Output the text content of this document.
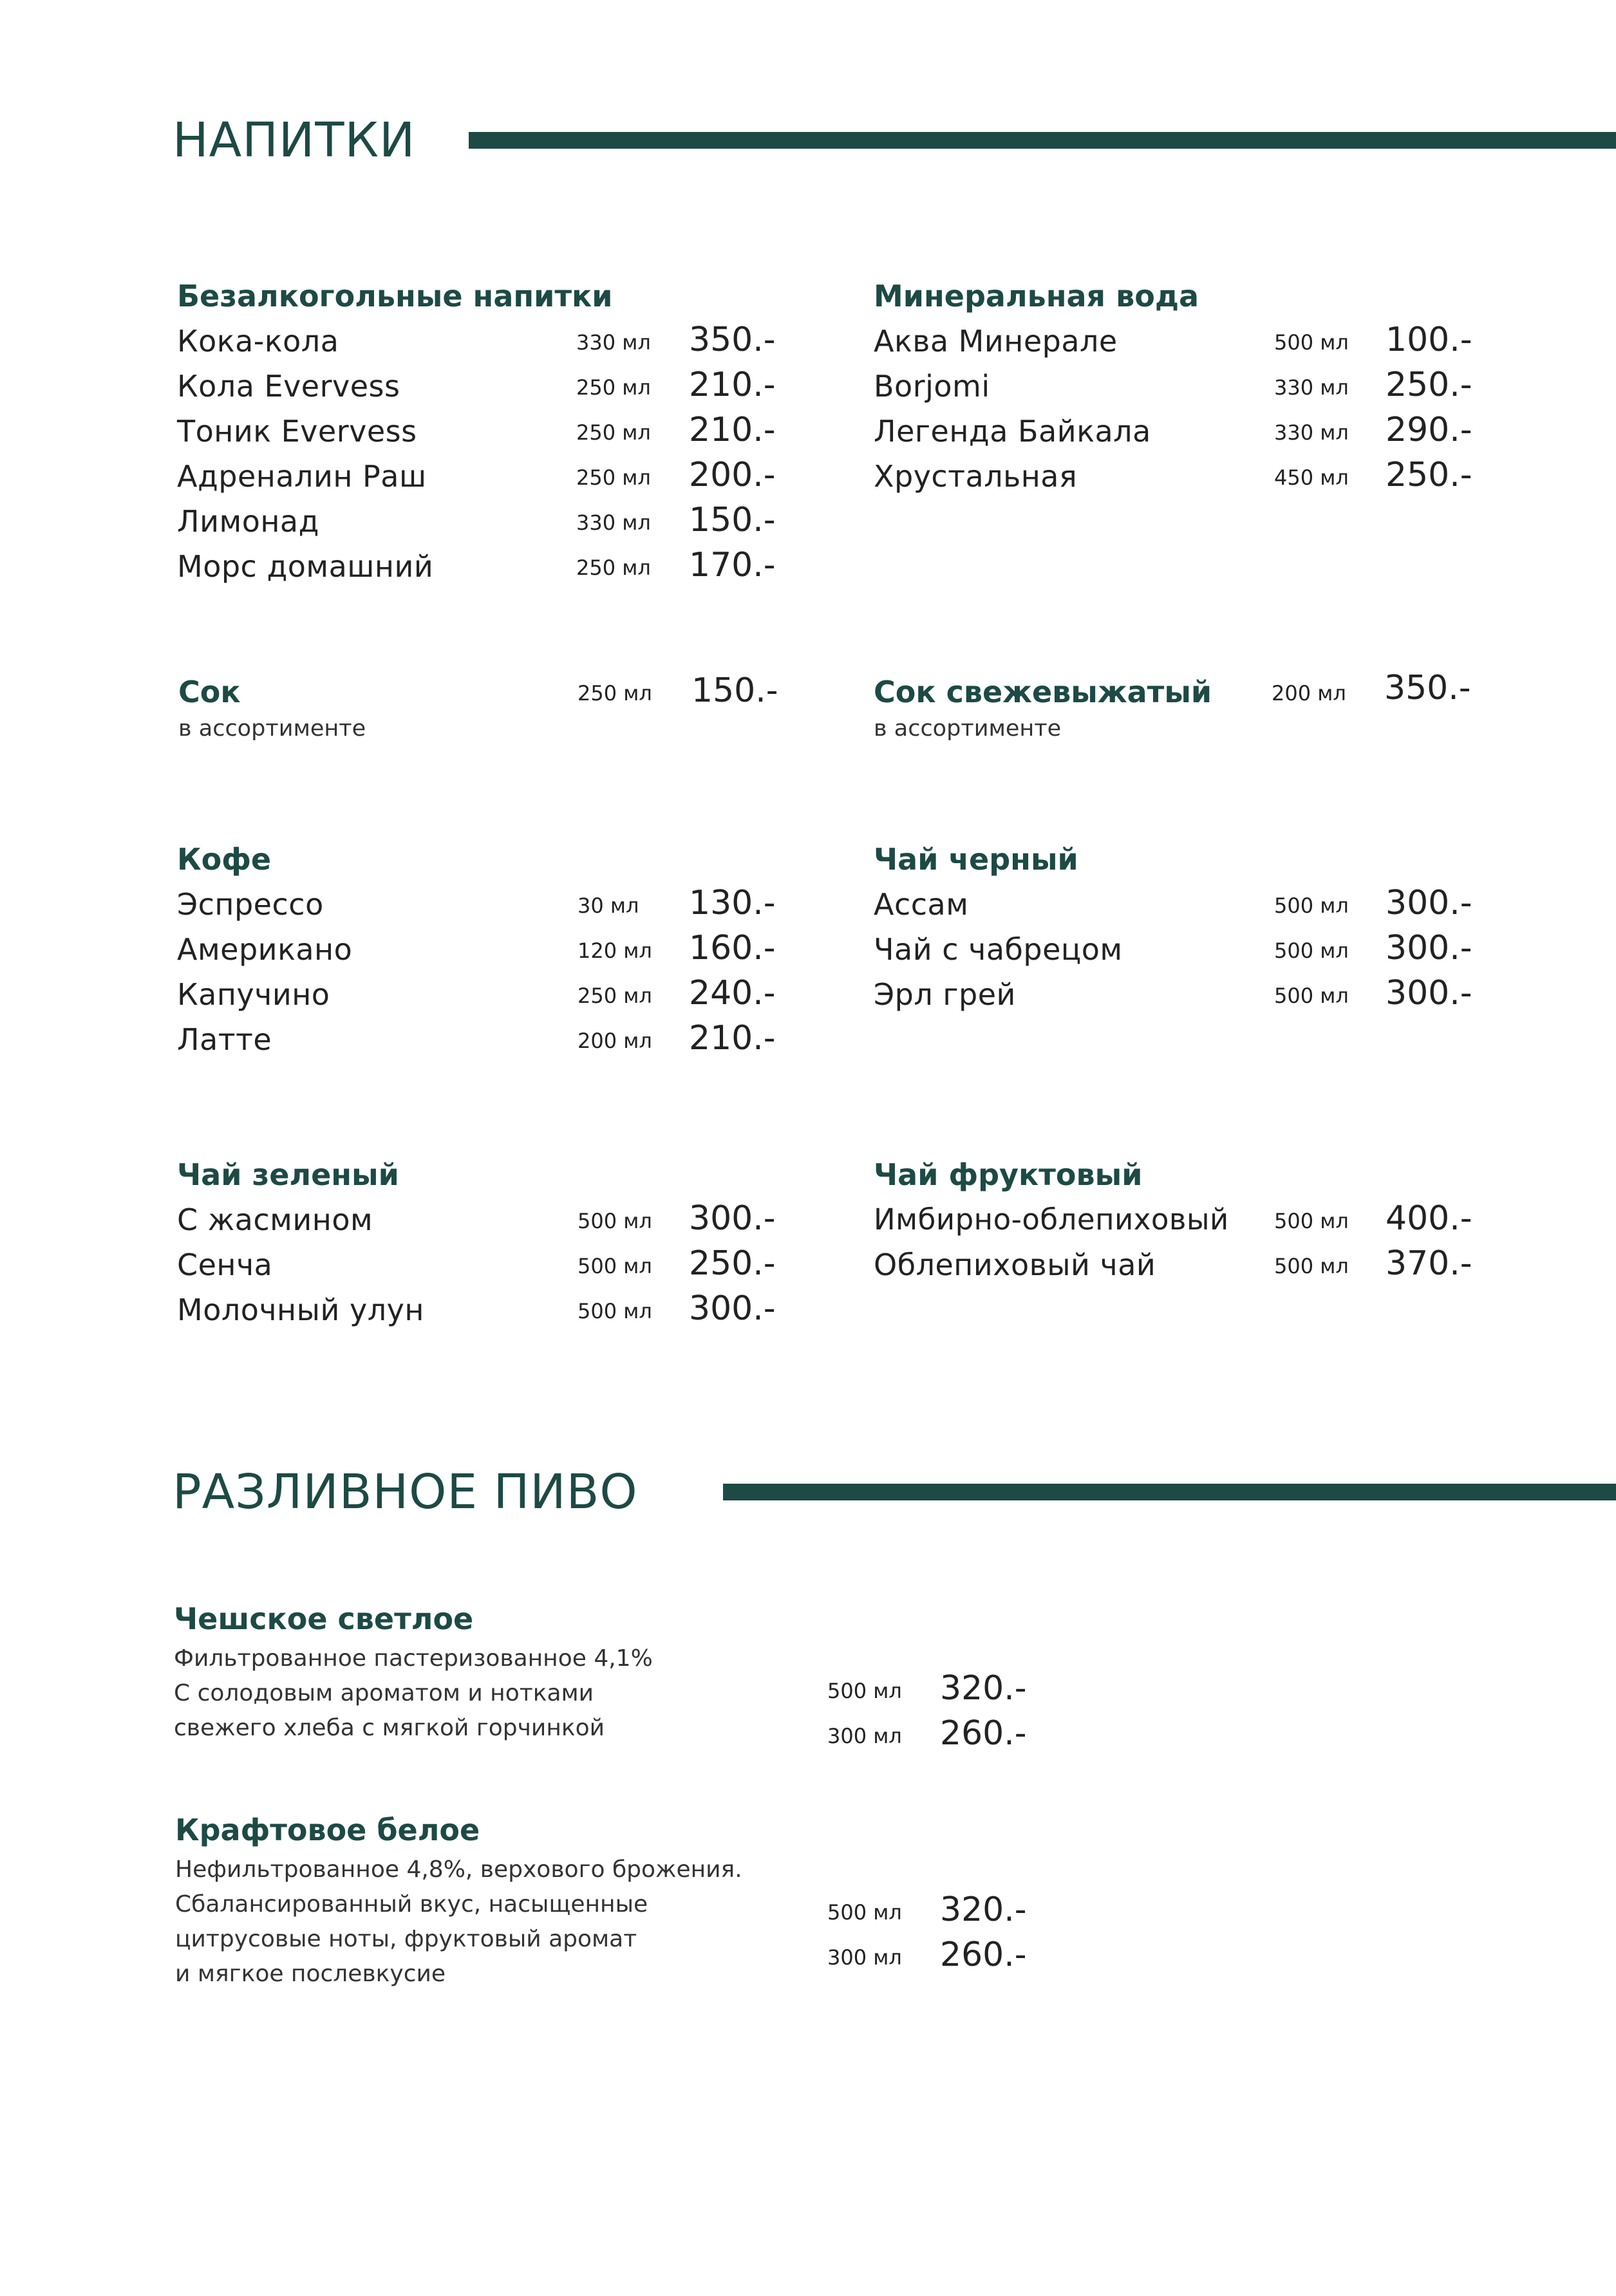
НАПИТКИ
Безалкогольные напитки
Кока-кола	330 мл 350.-
Кола Evervess	250 мл 210.-
Тоник Evervess	250 мл 210.-
Адреналин Раш	250 мл 200.-
Лимонад	330 мл 150.-
Морс домашний	250 мл 170.-
Минеральная вода
Аква Минерале	500 мл 100.-
Borjomi	330 мл 250.-
Легенда Байкала	330 мл 290.-
Хрустальная	450 мл 250.-
Сок	250 мл 150.-
в ассортименте
Сок свежевыжатый	200 мл 350.-
в ассортименте
Кофе
Эспрессо	30 мл 130.-
Американо	120 мл 160.-
Капучино	250 мл 240.-
Латте	200 мл 210.-
Чай черный
Ассам	500 мл 300.-
Чай с чабрецом	500 мл 300.-
Эрл грей	500 мл 300.-
Чай зеленый
С жасмином	500 мл 300.-
Сенча	500 мл 250.-
Молочный улун	500 мл 300.-
Чай фруктовый
Имбирно-облепиховый 500 мл 400.-
Облепиховый чай	500 мл 370.-
РАЗЛИВНОЕ ПИВО
Чешское светлое
Фильтрованное пастеризованное 4,1%
С солодовым ароматом и нотками
свежего хлеба с мягкой горчинкой
500 мл 320.-
300 мл 260.-
Крафтовое белое
Нефильтрованное 4,8%, верхового брожения.
Сбалансированный вкус, насыщенные
цитрусовые ноты, фруктовый аромат
и мягкое послевкусие
500 мл 320.-
300 мл 260.-
